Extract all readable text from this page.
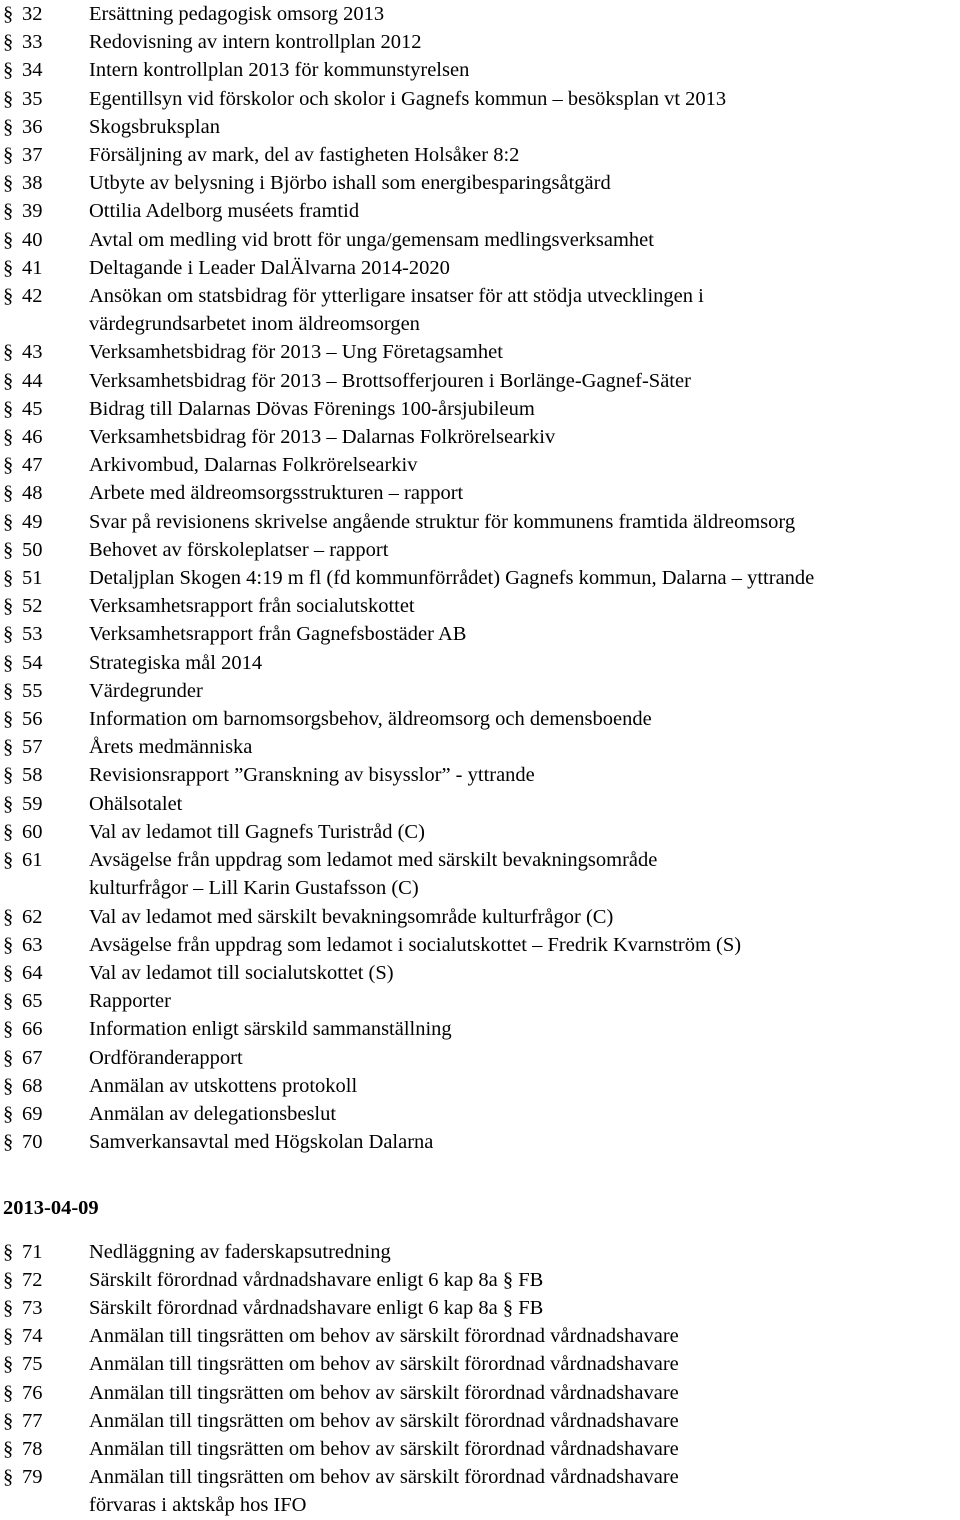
§ 32 Ersättning pedagogisk omsorg 2013
§ 33 Redovisning av intern kontrollplan 2012
§ 34 Intern kontrollplan 2013 för kommunstyrelsen
§ 35 Egentillsyn vid förskolor och skolor i Gagnefs kommun – besöksplan vt 2013
§ 36 Skogsbruksplan
§ 37 Försäljning av mark, del av fastigheten Holsåker 8:2
§ 38 Utbyte av belysning i Björbo ishall som energibesparingsåtgärd
§ 39 Ottilia Adelborg muséets framtid
§ 40 Avtal om medling vid brott för unga/gemensam medlingsverksamhet
§ 41 Deltagande i Leader DalÄlvarna 2014-2020
§ 42 Ansökan om statsbidrag för ytterligare insatser för att stödja utvecklingen i
värdegrundsarbetet inom äldreomsorgen
§ 43 Verksamhetsbidrag för 2013 – Ung Företagsamhet
§ 44 Verksamhetsbidrag för 2013 – Brottsofferjouren i Borlänge-Gagnef-Säter
§ 45 Bidrag till Dalarnas Dövas Förenings 100-årsjubileum
§ 46 Verksamhetsbidrag för 2013 – Dalarnas Folkrörelsearkiv
§ 47 Arkivombud, Dalarnas Folkrörelsearkiv
§ 48 Arbete med äldreomsorgsstrukturen – rapport
§ 49 Svar på revisionens skrivelse angående struktur för kommunens framtida äldreomsorg
§ 50 Behovet av förskoleplatser – rapport
§ 51 Detaljplan Skogen 4:19 m fl (fd kommunförrådet) Gagnefs kommun, Dalarna – yttrande
§ 52 Verksamhetsrapport från socialutskottet
§ 53 Verksamhetsrapport från Gagnefsbostäder AB
§ 54 Strategiska mål 2014
§ 55 Värdegrunder
§ 56 Information om barnomsorgsbehov, äldreomsorg och demensboende
§ 57 Årets medmänniska
§ 58 Revisionsrapport ”Granskning av bisysslor” - yttrande
§ 59 Ohälsotalet
§ 60 Val av ledamot till Gagnefs Turistråd (C)
§ 61 Avsägelse från uppdrag som ledamot med särskilt bevakningsområde
kulturfrågor – Lill Karin Gustafsson (C)
§ 62 Val av ledamot med särskilt bevakningsområde kulturfrågor (C)
§ 63 Avsägelse från uppdrag som ledamot i socialutskottet – Fredrik Kvarnström (S)
§ 64 Val av ledamot till socialutskottet (S)
§ 65 Rapporter
§ 66 Information enligt särskild sammanställning
§ 67 Ordföranderapport
§ 68 Anmälan av utskottens protokoll
§ 69 Anmälan av delegationsbeslut
§ 70 Samverkansavtal med Högskolan Dalarna
2013-04-09
§ 71 Nedläggning av faderskapsutredning
§ 72 Särskilt förordnad vårdnadshavare enligt 6 kap 8a § FB
§ 73 Särskilt förordnad vårdnadshavare enligt 6 kap 8a § FB
§ 74 Anmälan till tingsrätten om behov av särskilt förordnad vårdnadshavare
§ 75 Anmälan till tingsrätten om behov av särskilt förordnad vårdnadshavare
§ 76 Anmälan till tingsrätten om behov av särskilt förordnad vårdnadshavare
§ 77 Anmälan till tingsrätten om behov av särskilt förordnad vårdnadshavare
§ 78 Anmälan till tingsrätten om behov av särskilt förordnad vårdnadshavare
§ 79 Anmälan till tingsrätten om behov av särskilt förordnad vårdnadshavare
förvaras i aktskåp hos IFO
